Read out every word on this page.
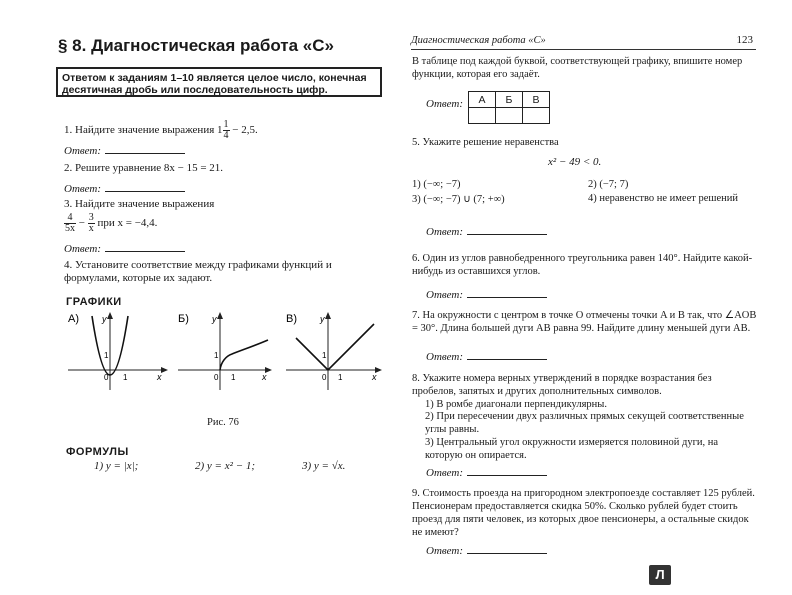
§ 8. Диагностическая работа «С»
Ответом к заданиям 1–10 является целое число, конечная десятичная дробь или последовательность цифр.
1. Найдите значение выражения $1 \frac{1}{4} - 2,5$.
Ответ:
2. Решите уравнение 8x − 15 = 21.
Ответ:
3. Найдите значение выражения
$\frac{4}{5x} - \frac{3}{x}$ при x = −4,4.
Ответ:
4. Установите соответствие между графиками функций и формулами, которые их задают.
ГРАФИКИ
А)	y
x
1
0 1
Б)	y
x
1
0 1
В)	y
x
1
0 1
Рис. 76
ФОРМУЛЫ
1) y = |x|;	2) y = x² − 1;	3) y = √x.
Диагностическая работа «С»	123
В таблице под каждой буквой, соответствующей графику, впишите номер функции, которая его задаёт.
Ответ: А	Б	В

5. Укажите решение неравенства
x² − 49 < 0.
1) (−∞; −7)	2) (−7; 7)
3) (−∞; −7) ∪ (7; +∞)	4) неравенство не имеет решений
Ответ:
6. Один из углов равнобедренного треугольника равен 140°. Найдите какой-нибудь из оставшихся углов.
Ответ:
7. На окружности с центром в точке O отмечены точки A и B так, что ∠AOB = 30°. Длина большей дуги AB равна 99. Найдите длину меньшей дуги AB.
Ответ:
8. Укажите номера верных утверждений в порядке возрастания без пробелов, запятых и других дополнительных символов.
1) В ромбе диагонали перпендикулярны.
2) При пересечении двух различных прямых секущей соответственные углы равны.
3) Центральный угол окружности измеряется половиной дуги, на которую он опирается.
Ответ:
9. Стоимость проезда на пригородном электропоезде составляет 125 рублей. Пенсионерам предоставляется скидка 50%. Сколько рублей будет стоить проезд для пяти человек, из которых двое пенсионеры, а остальные скидок не имеют?
Ответ:
Л
